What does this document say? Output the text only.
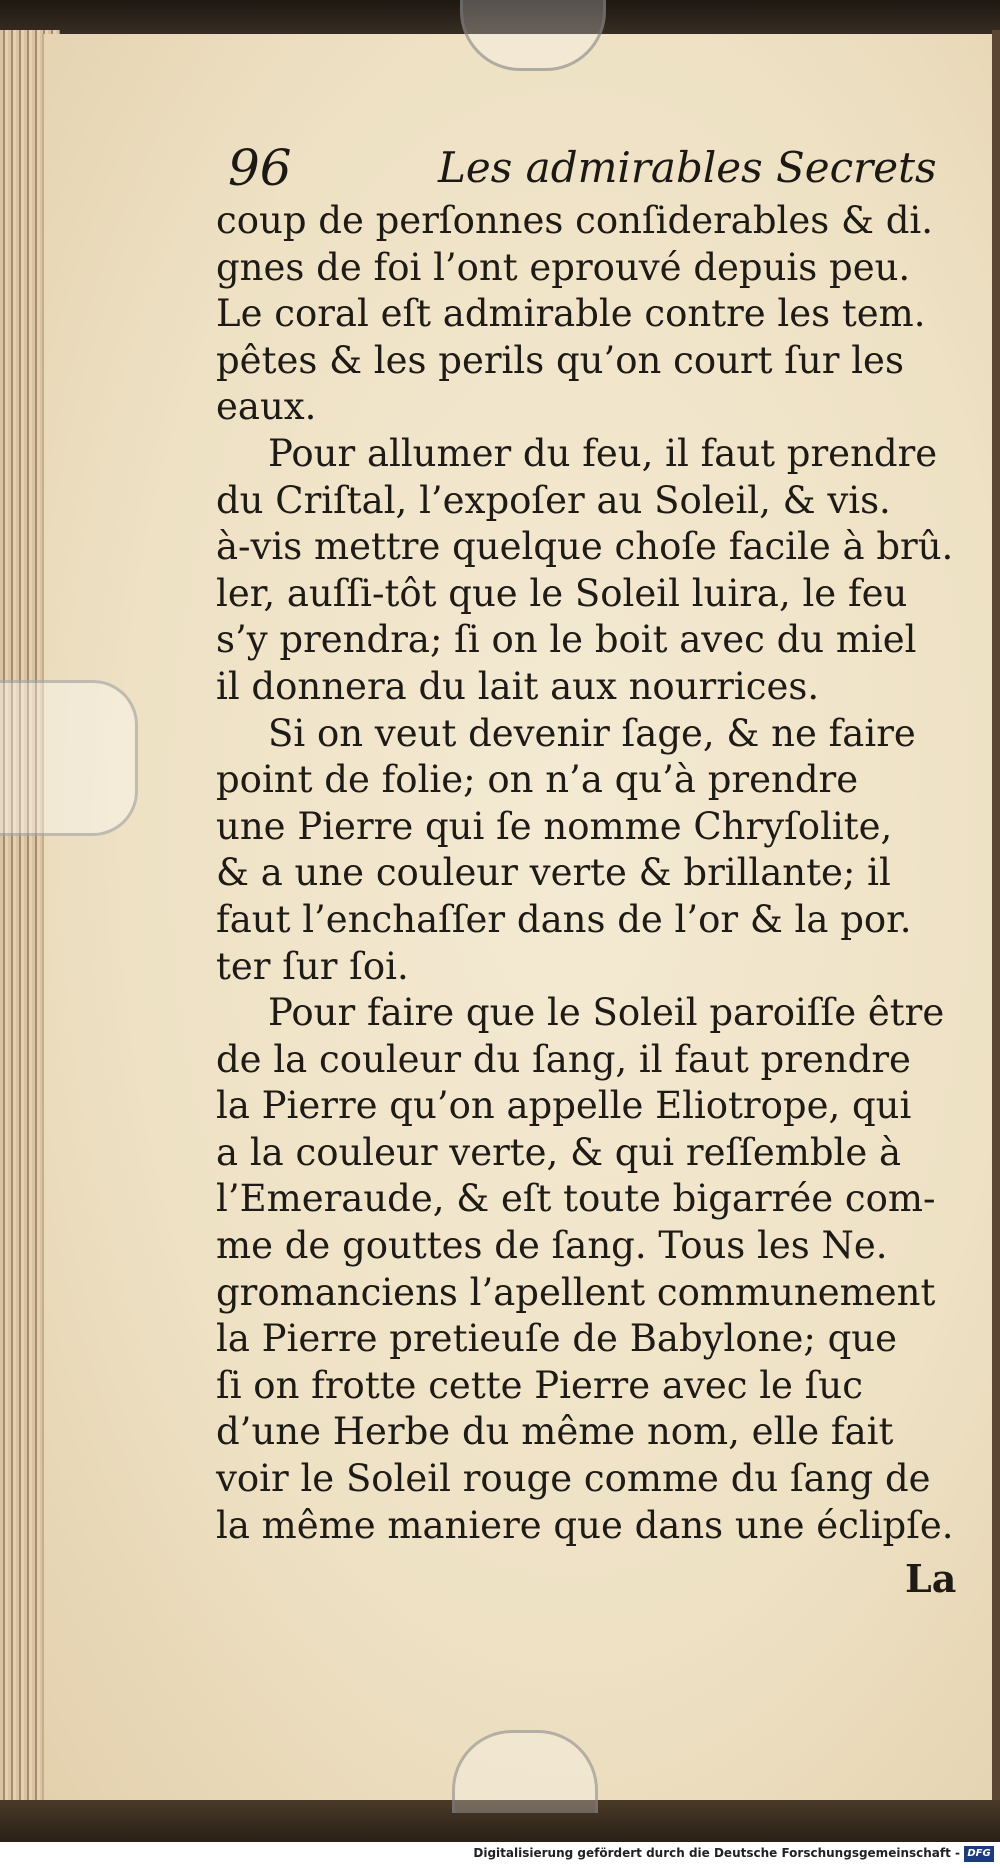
96	Les admirables Secrets
coup de perſonnes conſiderables & di.
gnes de foi l’ont eprouvé depuis peu.
Le coral eſt admirable contre les tem.
pêtes & les perils qu’on court ſur les
eaux.
Pour allumer du feu, il faut prendre
du Criſtal, l’expoſer au Soleil, & vis.
à-vis mettre quelque choſe facile à brû.
ler, auſſi-tôt que le Soleil luira, le feu
s’y prendra; ſi on le boit avec du miel
il donnera du lait aux nourrices.
Si on veut devenir ſage, & ne faire
point de folie; on n’a qu’à prendre
une Pierre qui ſe nomme Chryſolite,
& a une couleur verte & brillante; il
faut l’enchaſſer dans de l’or & la por.
ter ſur ſoi.
Pour faire que le Soleil paroiſſe être
de la couleur du ſang, il faut prendre
la Pierre qu’on appelle Eliotrope, qui
a la couleur verte, & qui reſſemble à
l’Emeraude, & eſt toute bigarrée com-
me de gouttes de ſang. Tous les Ne.
gromanciens l’apellent communement
la Pierre pretieuſe de Babylone; que
ſi on frotte cette Pierre avec le ſuc
d’une Herbe du même nom, elle fait
voir le Soleil rouge comme du ſang de
la même maniere que dans une éclipſe.
La
Digitalisierung gefördert durch die Deutsche Forschungsgemeinschaft - DFG
